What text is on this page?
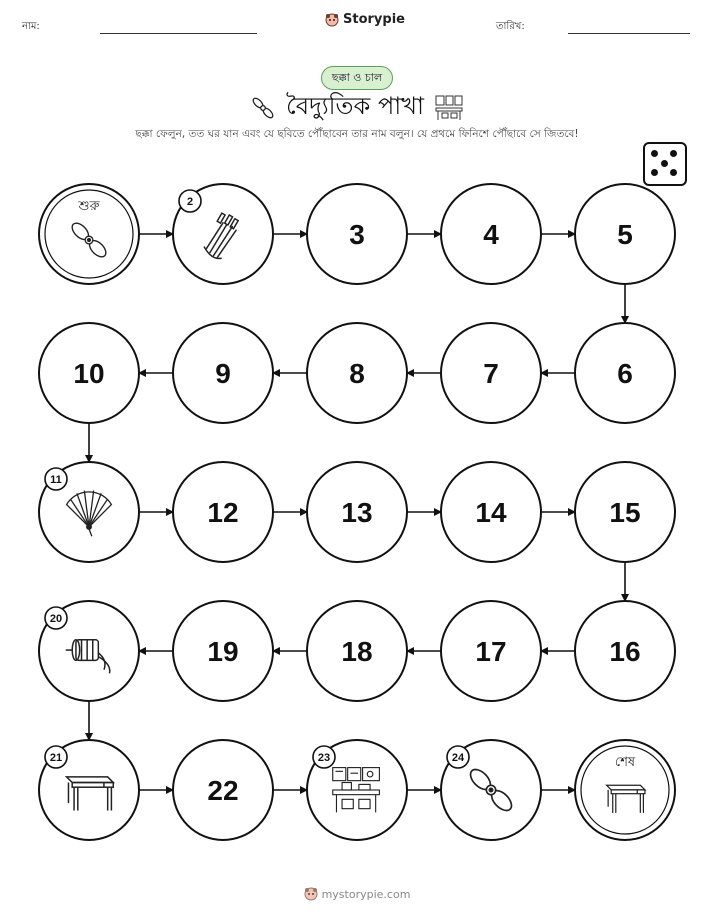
নাম:	Storypie	তারিখ:
ছক্কা ও চাল
বৈদ্যুতিক পাখা
ছক্কা ফেলুন, তত ঘর যান এবং যে ছবিতে পৌঁছাবেন তার নাম বলুন। যে প্রথমে ফিনিশে পৌঁছাবে সে জিতবে!
শুরু	2
3	4	5
6
7
8
9
10
11
12	13	14	15
16
17
18
19
20
21
22
23	24	শেষ
mystorypie.com
